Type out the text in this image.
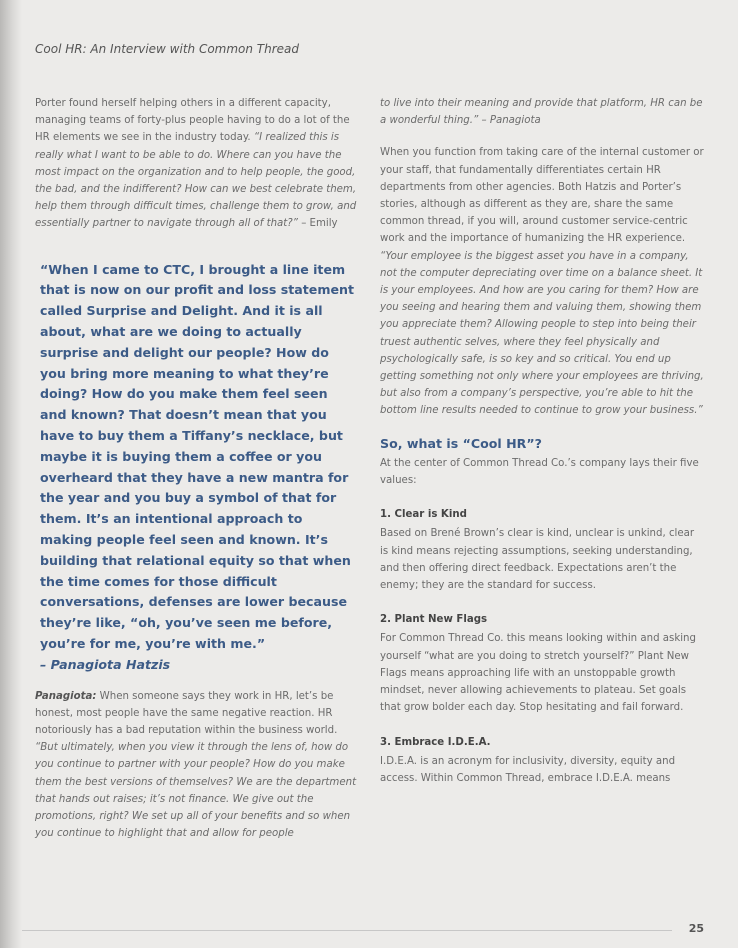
Cool HR: An Interview with Common Thread

Porter found herself helping others in a different capacity, managing teams of forty-plus people having to do a lot of the HR elements we see in the industry today. “I realized this is really what I want to be able to do. Where can you have the most impact on the organization and to help people, the good, the bad, and the indifferent? How can we best celebrate them, help them through difficult times, challenge them to grow, and essentially partner to navigate through all of that?” – Emily

“When I came to CTC, I brought a line item that is now on our profit and loss statement called Surprise and Delight. And it is all about, what are we doing to actually surprise and delight our people? How do you bring more meaning to what they’re doing? How do you make them feel seen and known? That doesn’t mean that you have to buy them a Tiffany’s necklace, but maybe it is buying them a coffee or you overheard that they have a new mantra for the year and you buy a symbol of that for them. It’s an intentional approach to making people feel seen and known. It’s building that relational equity so that when the time comes for those difficult conversations, defenses are lower because they’re like, “oh, you’ve seen me before, you’re for me, you’re with me.”
– Panagiota Hatzis

Panagiota: When someone says they work in HR, let’s be honest, most people have the same negative reaction. HR notoriously has a bad reputation within the business world. “But ultimately, when you view it through the lens of, how do you continue to partner with your people? How do you make them the best versions of themselves? We are the department that hands out raises; it’s not finance. We give out the promotions, right? We set up all of your benefits and so when you continue to highlight that and allow for people

to live into their meaning and provide that platform, HR can be a wonderful thing.” – Panagiota

When you function from taking care of the internal customer or your staff, that fundamentally differentiates certain HR departments from other agencies. Both Hatzis and Porter’s stories, although as different as they are, share the same common thread, if you will, around customer service-centric work and the importance of humanizing the HR experience. “Your employee is the biggest asset you have in a company, not the computer depreciating over time on a balance sheet. It is your employees. And how are you caring for them? How are you seeing and hearing them and valuing them, showing them you appreciate them? Allowing people to step into being their truest authentic selves, where they feel physically and psychologically safe, is so key and so critical. You end up getting something not only where your employees are thriving, but also from a company’s perspective, you’re able to hit the bottom line results needed to continue to grow your business.”

So, what is “Cool HR”?

At the center of Common Thread Co.’s company lays their five values:

1. Clear is Kind

Based on Brené Brown’s clear is kind, unclear is unkind, clear is kind means rejecting assumptions, seeking understanding, and then offering direct feedback. Expectations aren’t the enemy; they are the standard for success.

2. Plant New Flags

For Common Thread Co. this means looking within and asking yourself “what are you doing to stretch yourself?” Plant New Flags means approaching life with an unstoppable growth mindset, never allowing achievements to plateau. Set goals that grow bolder each day. Stop hesitating and fail forward.

3. Embrace I.D.E.A.

I.D.E.A. is an acronym for inclusivity, diversity, equity and access. Within Common Thread, embrace I.D.E.A. means

25
